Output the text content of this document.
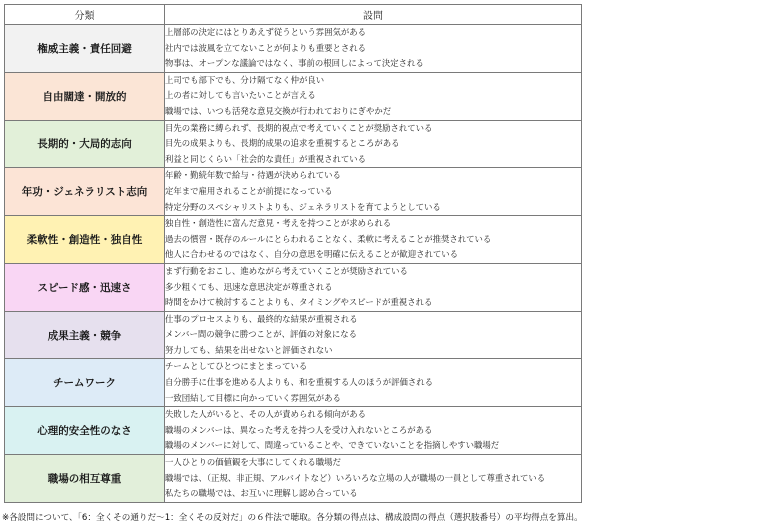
分類	設問
権威主義・責任回避	上層部の決定にはとりあえず従うという雰囲気がある
社内では波風を立てないことが何よりも重要とされる
物事は、オープンな議論ではなく、事前の根回しによって決定される

自由闊達・開放的	上司でも部下でも、分け隔てなく仲が良い
上の者に対しても言いたいことが言える
職場では、いつも活発な意見交換が行われておりにぎやかだ

長期的・大局的志向	目先の業務に縛られず、長期的視点で考えていくことが奨励されている
目先の成果よりも、長期的成果の追求を重視するところがある
利益と同じくらい「社会的な責任」が重視されている

年功・ジェネラリスト志向	年齢・勤続年数で給与・待遇が決められている
定年まで雇用されることが前提になっている
特定分野のスペシャリストよりも、ジェネラリストを育てようとしている

柔軟性・創造性・独自性	独自性・創造性に富んだ意見・考えを持つことが求められる
過去の慣習・既存のルールにとらわれることなく、柔軟に考えることが推奨されている
他人に合わせるのではなく、自分の意思を明確に伝えることが歓迎されている

スピード感・迅速さ	まず行動をおこし、進めながら考えていくことが奨励されている
多少粗くても、迅速な意思決定が尊重される
時間をかけて検討することよりも、タイミングやスピードが重視される

成果主義・競争	仕事のプロセスよりも、最終的な結果が重視される
メンバー間の競争に勝つことが、評価の対象になる
努力しても、結果を出せないと評価されない

チームワーク	チームとしてひとつにまとまっている
自分勝手に仕事を進める人よりも、和を重視する人のほうが評価される
一致団結して目標に向かっていく雰囲気がある

心理的安全性のなさ	失敗した人がいると、その人が責められる傾向がある
職場のメンバーは、異なった考えを持つ人を受け入れないところがある
職場のメンバーに対して、間違っていることや、できていないことを指摘しやすい職場だ

職場の相互尊重	一人ひとりの価値観を大事にしてくれる職場だ
職場では、（正規、非正規、アルバイトなど）いろいろな立場の人が職場の一員として尊重されている
私たちの職場では、お互いに理解し認め合っている
※各設問について、「6：全くその通りだ〜1：全くその反対だ」の６件法で聴取。各分類の得点は、構成設問の得点（選択肢番号）の平均得点を算出。
